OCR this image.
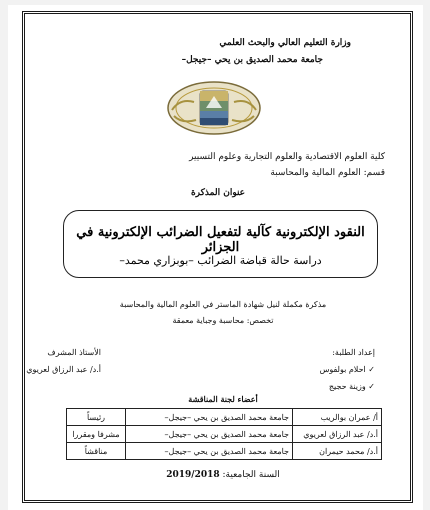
وزارة التعليم العالي والبحث العلمي
جامعة محمد الصديق بن يحي –جيجل–
كلية العلوم الاقتصادية والعلوم التجارية وعلوم التسيير
قسم: العلوم المالية والمحاسبة
عنوان المذكرة
النقود الإلكترونية كآلية لتفعيل الضرائب الإلكترونية في الجزائر
دراسة حالة قباضة الضرائب –بوبزاري محمد–
مذكرة مكملة لنيل شهادة الماستر في العلوم المالية والمحاسبة
تخصص: محاسبة وجباية معمقة
إعداد الطلبة:
✓ احلام بولفوس
✓ وزينة حجيج
الأستاذ المشرف
أ.د/ عبد الرزاق لعريوي
أعضاء لجنة المناقشة
أ/ عمران بوالريب	جامعة محمد الصديق بن يحي –جيجل–	رئيساً
أ.د/ عبد الرزاق لعريوي	جامعة محمد الصديق بن يحي –جيجل–	مشرفا ومقررا
أ.د/ محمد حيمران	جامعة محمد الصديق بن يحي –جيجل–	مناقشاً
السنة الجامعية: 2019/2018
